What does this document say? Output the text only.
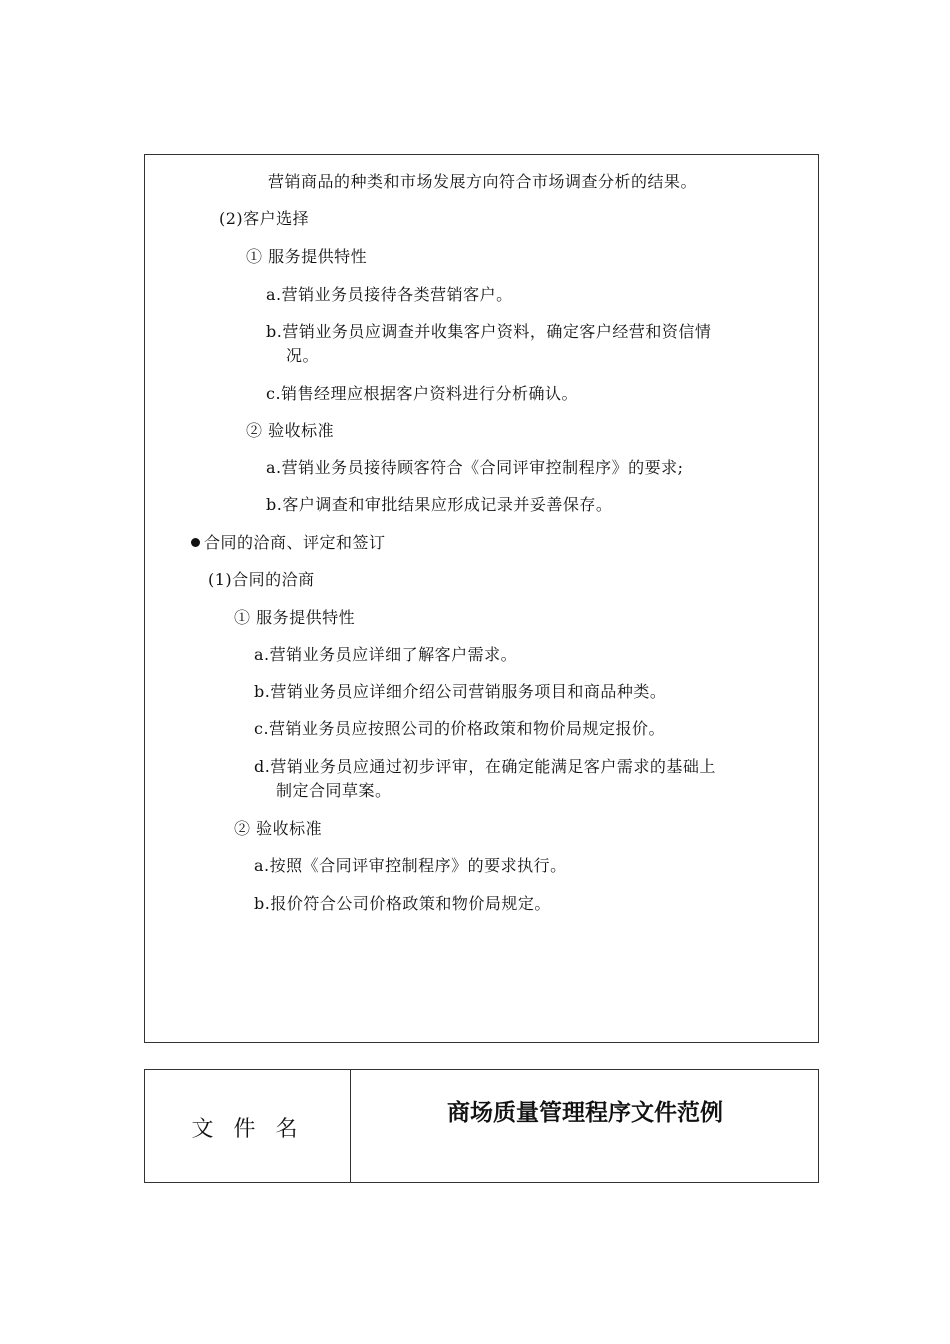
营销商品的种类和市场发展方向符合市场调查分析的结果。
(2)客户选择
① 服务提供特性
a.营销业务员接待各类营销客户。
b.营销业务员应调查并收集客户资料，确定客户经营和资信情
况。
c.销售经理应根据客户资料进行分析确认。
② 验收标准
a.营销业务员接待顾客符合《合同评审控制程序》的要求;
b.客户调查和审批结果应形成记录并妥善保存。
合同的洽商、评定和签订
(1)合同的洽商
① 服务提供特性
a.营销业务员应详细了解客户需求。
b.营销业务员应详细介绍公司营销服务项目和商品种类。
c.营销业务员应按照公司的价格政策和物价局规定报价。
d.营销业务员应通过初步评审，在确定能满足客户需求的基础上
制定合同草案。
② 验收标准
a.按照《合同评审控制程序》的要求执行。
b.报价符合公司价格政策和物价局规定。
文件名
商场质量管理程序文件范例
